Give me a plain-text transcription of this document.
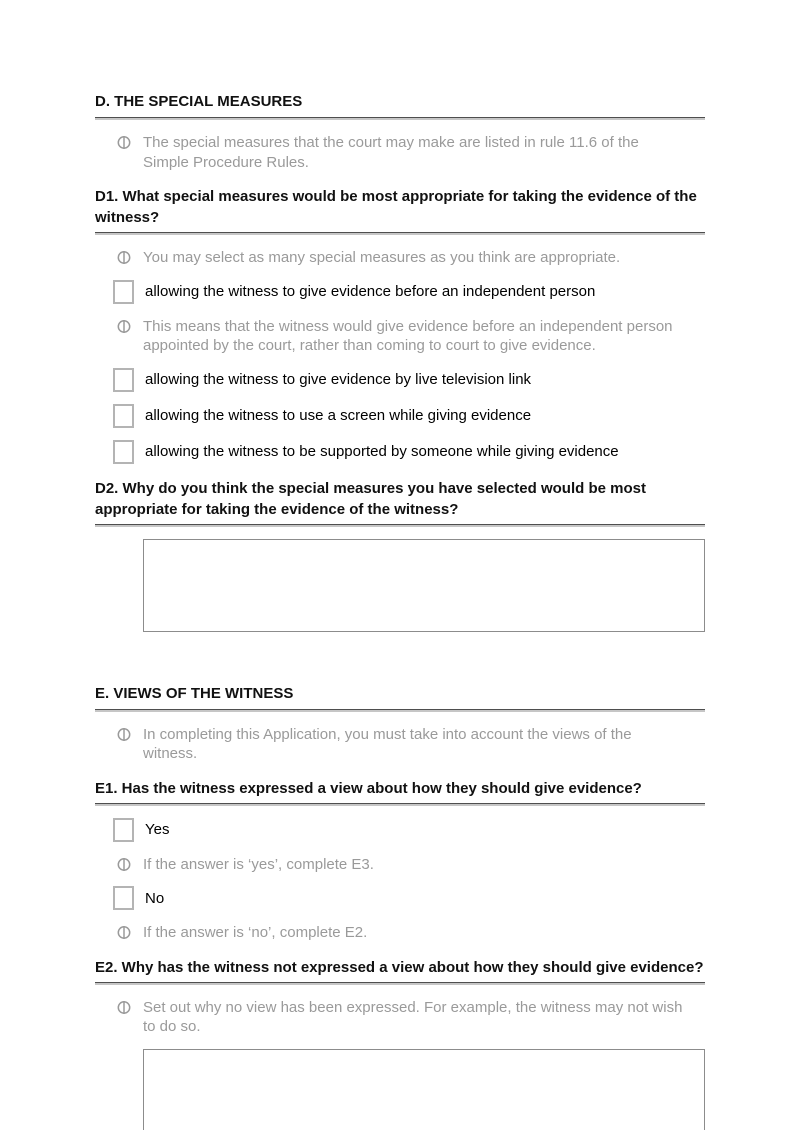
D. THE SPECIAL MEASURES
The special measures that the court may make are listed in rule 11.6 of the Simple Procedure Rules.
D1. What special measures would be most appropriate for taking the evidence of the witness?
You may select as many special measures as you think are appropriate.
allowing the witness to give evidence before an independent person
This means that the witness would give evidence before an independent person appointed by the court, rather than coming to court to give evidence.
allowing the witness to give evidence by live television link
allowing the witness to use a screen while giving evidence
allowing the witness to be supported by someone while giving evidence
D2. Why do you think the special measures you have selected would be most appropriate for taking the evidence of the witness?
E. VIEWS OF THE WITNESS
In completing this Application, you must take into account the views of the witness.
E1. Has the witness expressed a view about how they should give evidence?
Yes
If the answer is ‘yes’, complete E3.
No
If the answer is ‘no’, complete E2.
E2. Why has the witness not expressed a view about how they should give evidence?
Set out why no view has been expressed. For example, the witness may not wish to do so.
